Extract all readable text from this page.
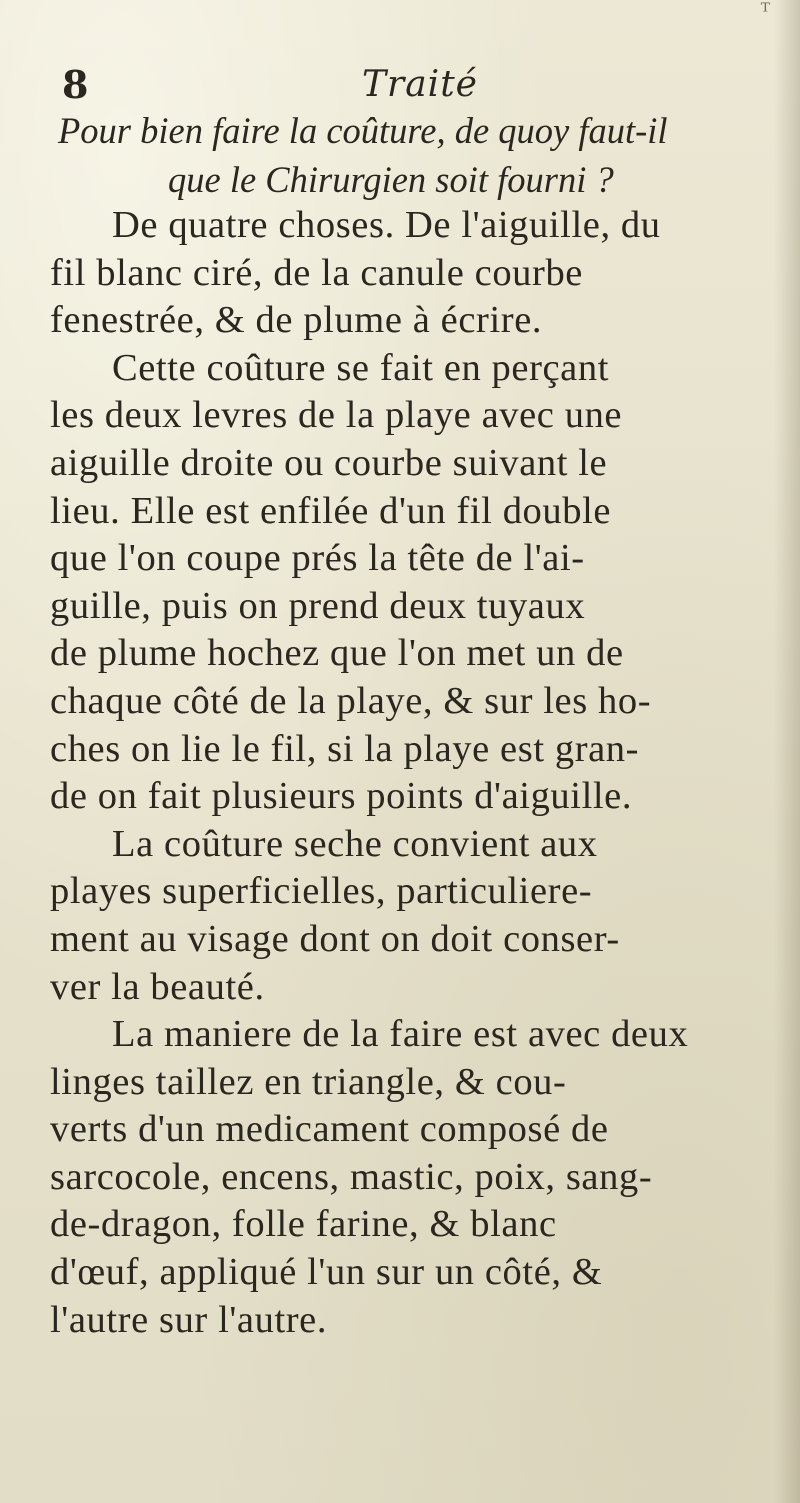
ᵀ
8	Traité
Pour bien faire la coûture, de quoy faut-il
que le Chirurgien soit fourni ?
De quatre choses. De l'aiguille, du
fil blanc ciré, de la canule courbe
fenestrée, & de plume à écrire.
Cette coûture se fait en perçant
les deux levres de la playe avec une
aiguille droite ou courbe suivant le
lieu. Elle est enfilée d'un fil double
que l'on coupe prés la tête de l'ai-
guille, puis on prend deux tuyaux
de plume hochez que l'on met un de
chaque côté de la playe, & sur les ho-
ches on lie le fil, si la playe est gran-
de on fait plusieurs points d'aiguille.
La coûture seche convient aux
playes superficielles, particuliere-
ment au visage dont on doit conser-
ver la beauté.
La maniere de la faire est avec deux
linges taillez en triangle, & cou-
verts d'un medicament composé de
sarcocole, encens, mastic, poix, sang-
de-dragon, folle farine, & blanc
d'œuf, appliqué l'un sur un côté, &
l'autre sur l'autre.
